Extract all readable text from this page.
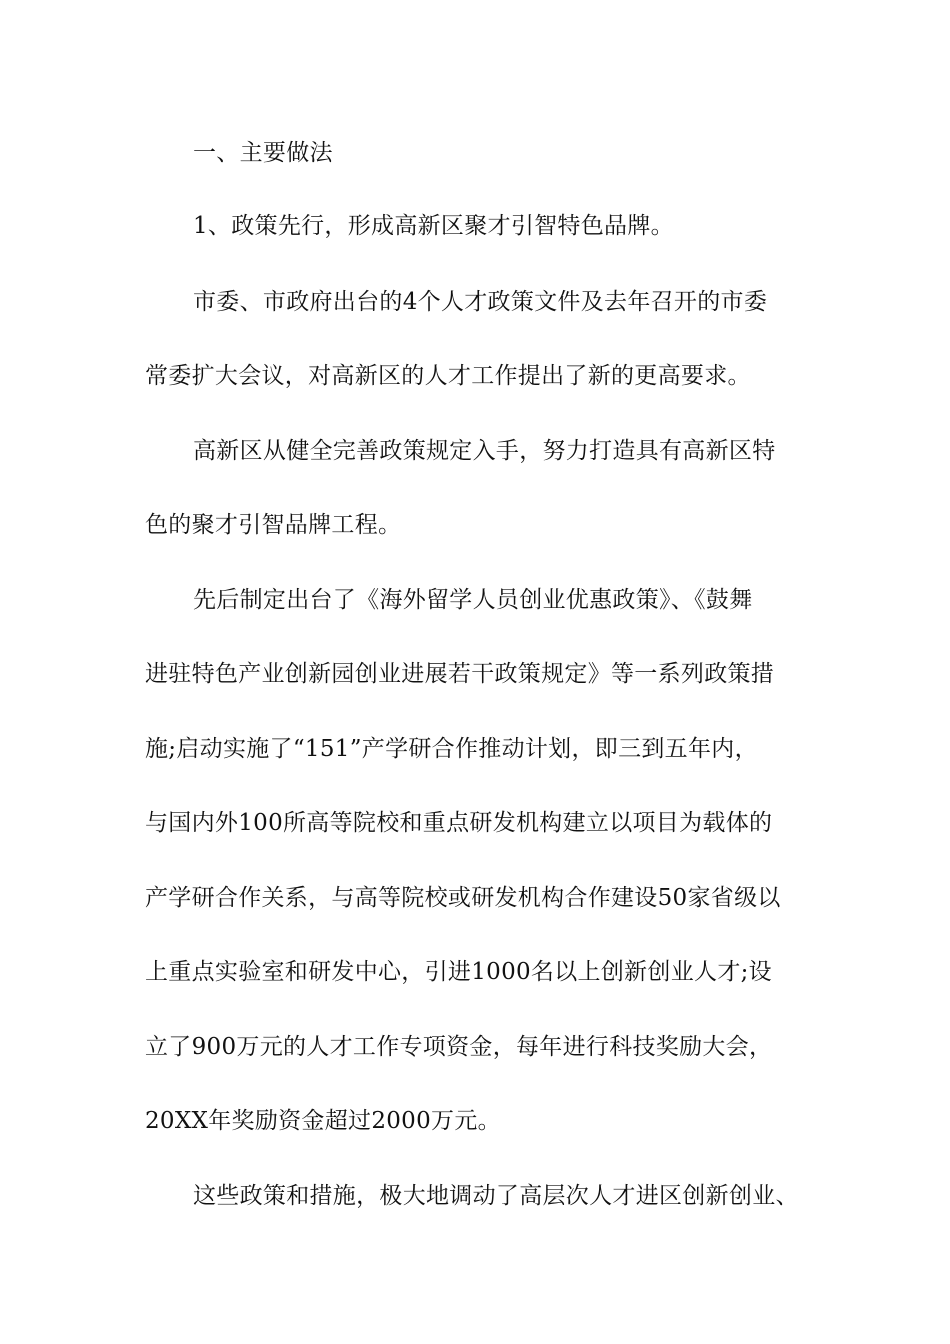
一、主要做法

1、政策先行，形成高新区聚才引智特色品牌。

市委、市政府出台的4个人才政策文件及去年召开的市委

常委扩大会议，对高新区的人才工作提出了新的更高要求。

高新区从健全完善政策规定入手，努力打造具有高新区特

色的聚才引智品牌工程。

先后制定出台了《海外留学人员创业优惠政策》、《鼓舞

进驻特色产业创新园创业进展若干政策规定》等一系列政策措

施;启动实施了“151”产学研合作推动计划，即三到五年内，

与国内外100所高等院校和重点研发机构建立以项目为载体的

产学研合作关系，与高等院校或研发机构合作建设50家省级以

上重点实验室和研发中心，引进1000名以上创新创业人才;设

立了900万元的人才工作专项资金，每年进行科技奖励大会，

20XX年奖励资金超过2000万元。

这些政策和措施，极大地调动了高层次人才进区创新创业、
